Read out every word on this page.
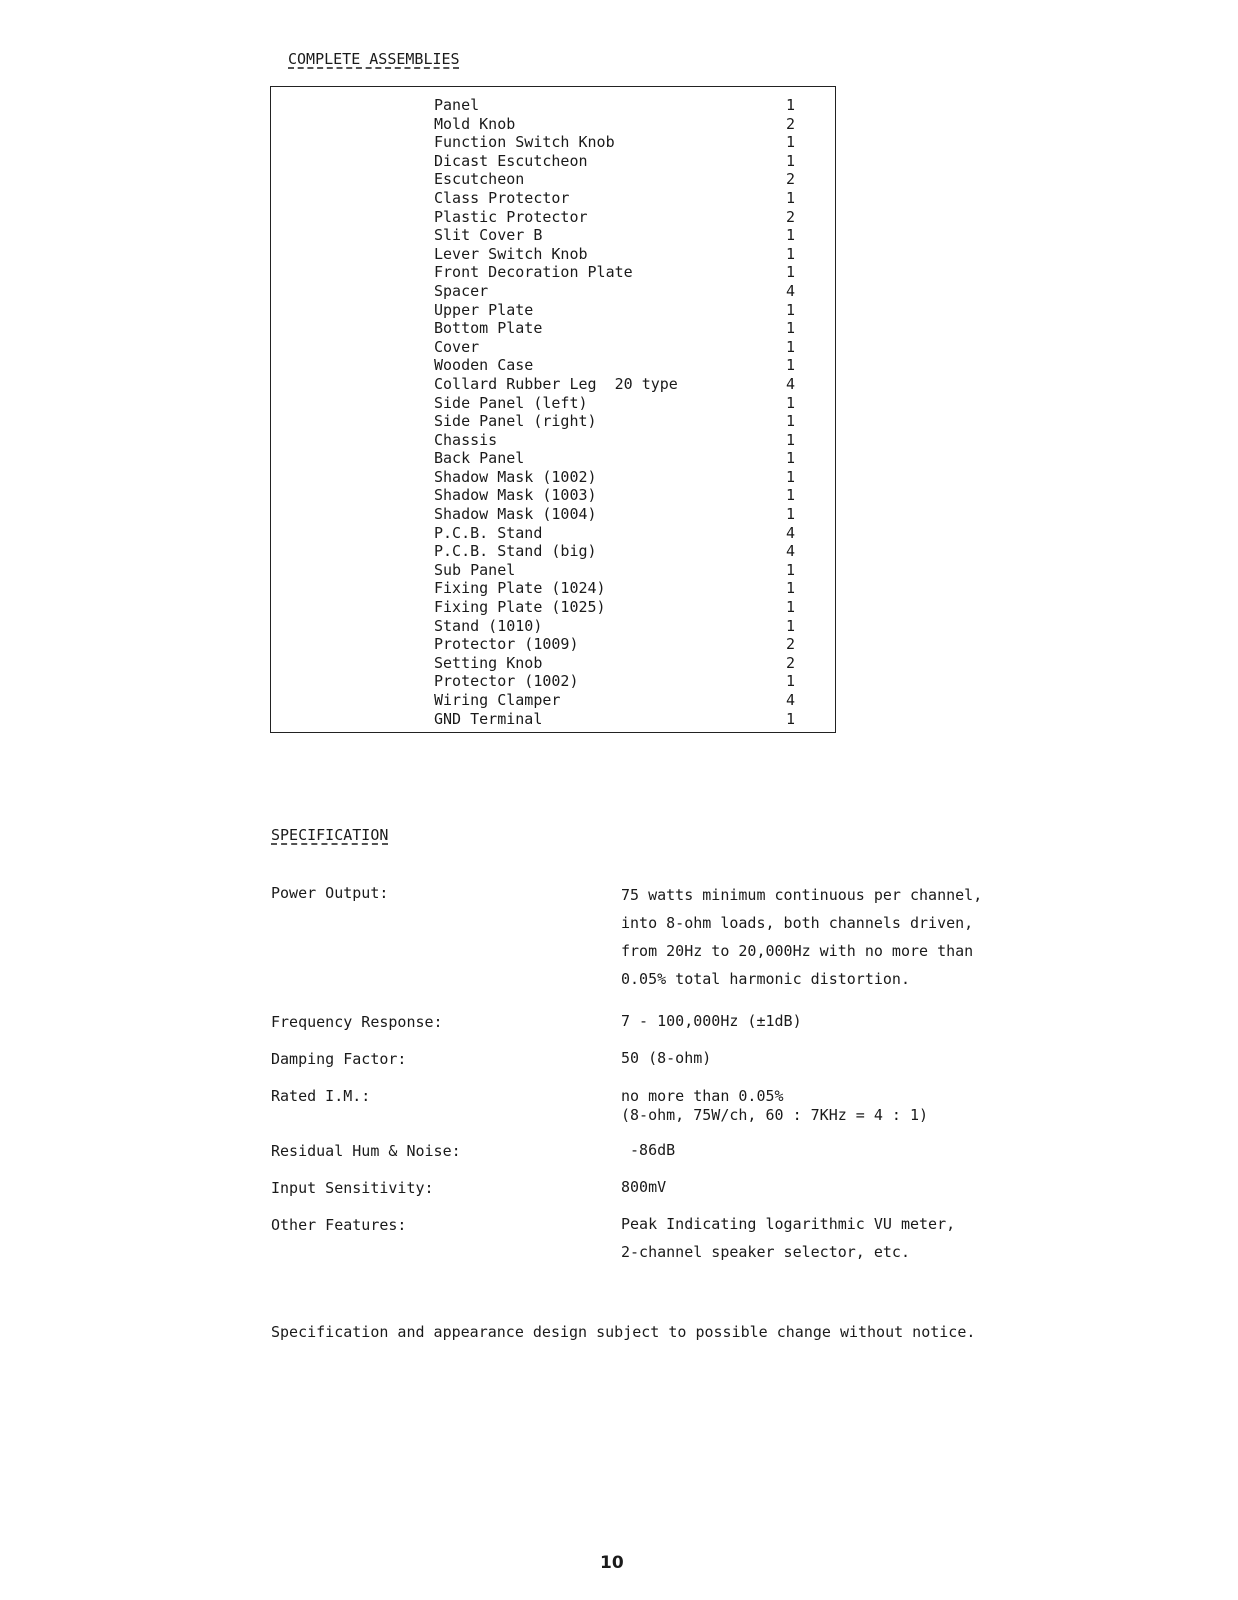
COMPLETE ASSEMBLIES
Panel	1
Mold Knob	2
Function Switch Knob	1
Dicast Escutcheon	1
Escutcheon	2
Class Protector	1
Plastic Protector	2
Slit Cover B	1
Lever Switch Knob	1
Front Decoration Plate	1
Spacer	4
Upper Plate	1
Bottom Plate	1
Cover	1
Wooden Case	1
Collard Rubber Leg  20 type	4
Side Panel (left)	1
Side Panel (right)	1
Chassis	1
Back Panel	1
Shadow Mask (1002)	1
Shadow Mask (1003)	1
Shadow Mask (1004)	1
P.C.B. Stand	4
P.C.B. Stand (big)	4
Sub Panel	1
Fixing Plate (1024)	1
Fixing Plate (1025)	1
Stand (1010)	1
Protector (1009)	2
Setting Knob	2
Protector (1002)	1
Wiring Clamper	4
GND Terminal	1
SPECIFICATION
Power Output:	75 watts minimum continuous per channel,
into 8-ohm loads, both channels driven,
from 20Hz to 20,000Hz with no more than
0.05% total harmonic distortion.
Frequency Response:	7 - 100,000Hz (±1dB)
Damping Factor:	50 (8-ohm)
Rated I.M.:	no more than 0.05%
(8-ohm, 75W/ch, 60 : 7KHz = 4 : 1)
Residual Hum & Noise:	-86dB
Input Sensitivity:	800mV
Other Features:	Peak Indicating logarithmic VU meter,
2-channel speaker selector, etc.
Specification and appearance design subject to possible change without notice.
10
